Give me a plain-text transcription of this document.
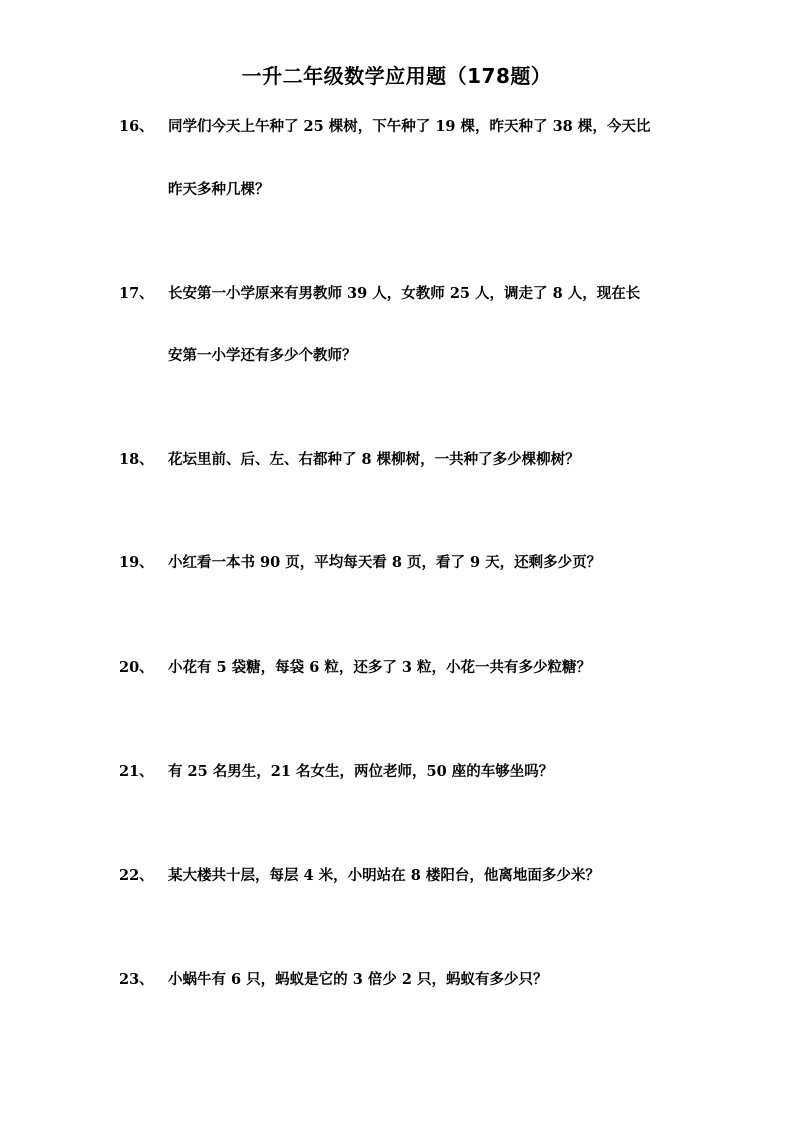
一升二年级数学应用题（178题）
16、 同学们今天上午种了 25 棵树，下午种了 19 棵，昨天种了 38 棵，今天比
昨天多种几棵？
17、 长安第一小学原来有男教师 39 人，女教师 25 人，调走了 8 人，现在长
安第一小学还有多少个教师？
18、 花坛里前、后、左、右都种了 8 棵柳树，一共种了多少棵柳树？
19、 小红看一本书 90 页，平均每天看 8 页，看了 9 天，还剩多少页？
20、 小花有 5 袋糖，每袋 6 粒，还多了 3 粒，小花一共有多少粒糖？
21、 有 25 名男生，21 名女生，两位老师，50 座的车够坐吗？
22、 某大楼共十层，每层 4 米，小明站在 8 楼阳台，他离地面多少米？
23、 小蜗牛有 6 只，蚂蚁是它的 3 倍少 2 只，蚂蚁有多少只？
